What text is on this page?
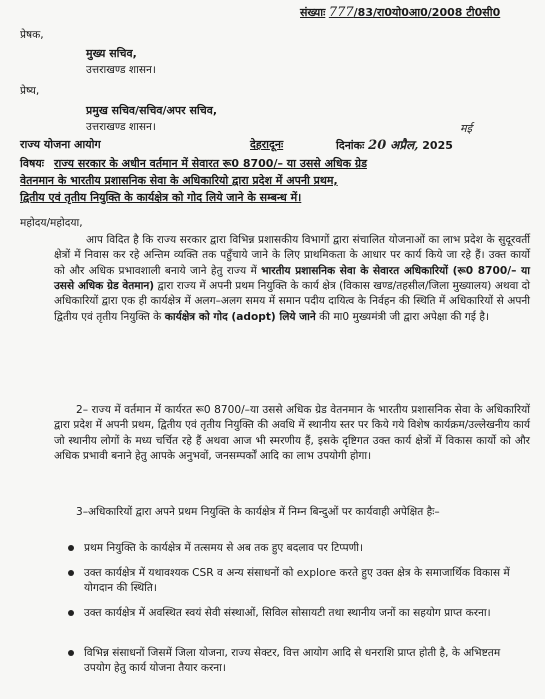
संख्याः 777/83/रा0यो0आ0/2008 टी0सी0
प्रेषक,
मुख्य सचिव,
उत्तराखण्ड शासन।
प्रेष्य,
प्रमुख सचिव/सचिव/अपर सचिव,
उत्तराखण्ड शासन।
राज्य योजना आयोग	देहरादूनः
मई
दिनांकः 20 अप्रैल, 2025
विषयः राज्य सरकार के अधीन वर्तमान में सेवारत रू0 8700/– या उससे अधिक ग्रेड
वेतनमान के भारतीय प्रशासनिक सेवा के अधिकारियो द्वारा प्रदेश में अपनी प्रथम,
द्वितीय एवं तृतीय नियुक्ति के कार्यक्षेत्र को गोद लिये जाने के सम्बन्ध में।
महोदय/महोदया,
आप विदित है कि राज्य सरकार द्वारा विभिन्न प्रशासकीय विभागों द्वारा संचालित योजनाओं का लाभ प्रदेश के सुदूरवर्ती क्षेत्रों में निवास कर रहे अन्तिम व्यक्ति तक पहुँचाये जाने के लिए प्राथमिकता के आधार पर कार्य किये जा रहे हैं। उक्त कार्यो को और अधिक प्रभावशाली बनाये जाने हेतु राज्य में भारतीय प्रशासनिक सेवा के सेवारत अधिकारियों (रू0 8700/– या उससे अधिक ग्रेड वेतमान) द्वारा राज्य में अपनी प्रथम नियुक्ति के कार्य क्षेत्र (विकास खण्ड/तहसील/जिला मुख्यालय) अथवा दो अधिकारियों द्वारा एक ही कार्यक्षेत्र में अलग–अलग समय में समान पदीय दायित्व के निर्वहन की स्थिति में अधिकारियों से अपनी द्वितीय एवं तृतीय नियुक्ति के कार्यक्षेत्र को गोद (adopt) लिये जाने की मा0 मुख्यमंत्री जी द्वारा अपेक्षा की गई है।
2– राज्य में वर्तमान में कार्यरत रू0 8700/–या उससे अधिक ग्रेड वेतनमान के भारतीय प्रशासनिक सेवा के अधिकारियों द्वारा प्रदेश में अपनी प्रथम, द्वितीय एवं तृतीय नियुक्ति की अवधि में स्थानीय स्तर पर किये गये विशेष कार्यक्रम/उल्लेखनीय कार्य जो स्थानीय लोगों के मध्य चर्चित रहे हैं अथवा आज भी स्मरणीय हैं, इसके दृष्टिगत उक्त कार्य क्षेत्रों में विकास कार्यो को और अधिक प्रभावी बनाने हेतु आपके अनुभवों, जनसम्पर्कों आदि का लाभ उपयोगी होगा।
3–अधिकारियों द्वारा अपने प्रथम नियुक्ति के कार्यक्षेत्र में निम्न बिन्दुओं पर कार्यवाही अपेक्षित हैः–
प्रथम नियुक्ति के कार्यक्षेत्र में तत्समय से अब तक हुए बदलाव पर टिप्पणी।
उक्त कार्यक्षेत्र में यथावश्यक CSR व अन्य संसाधनों को explore करते हुए उक्त क्षेत्र के समाजार्थिक विकास में योगदान की स्थिति।
उक्त कार्यक्षेत्र में अवस्थित स्वयं सेवी संस्थाओं, सिविल सोसायटी तथा स्थानीय जनों का सहयोग प्राप्त करना।
विभिन्न संसाधनों जिसमें जिला योजना, राज्य सेक्टर, वित्त आयोग आदि से धनराशि प्राप्त होती है, के अभिष्टतम उपयोग हेतु कार्य योजना तैयार करना।
